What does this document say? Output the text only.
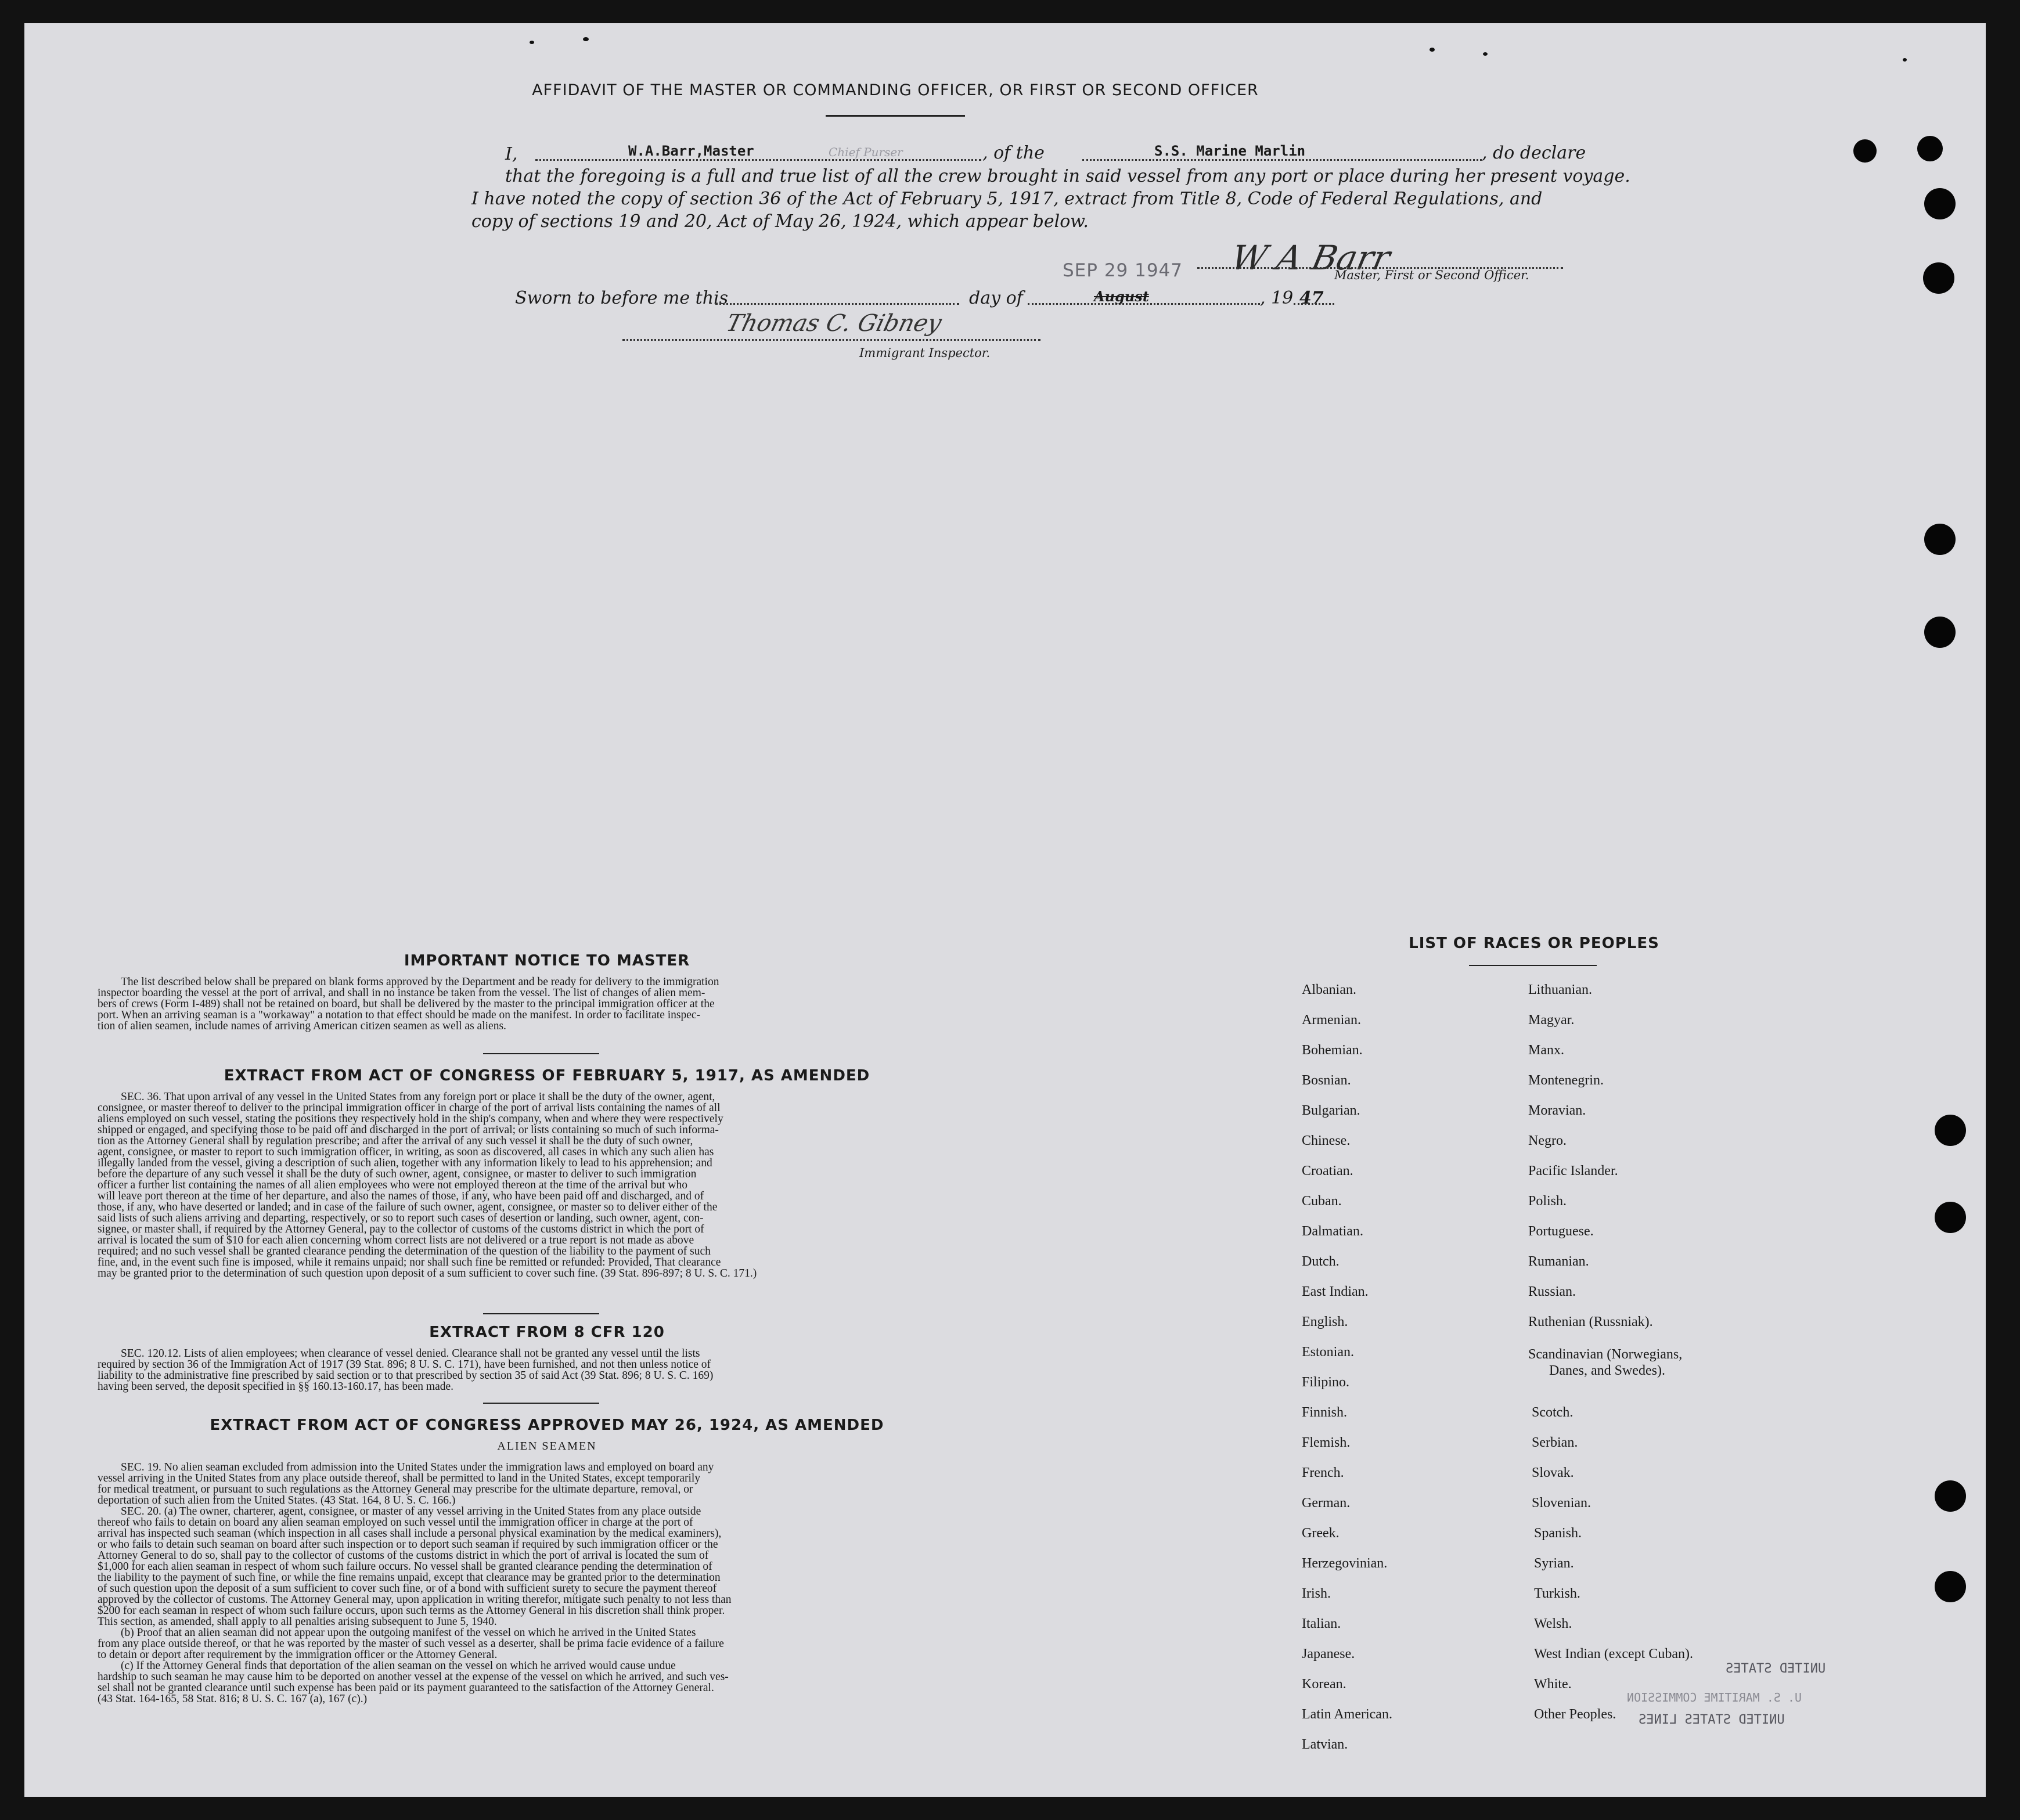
AFFIDAVIT OF THE MASTER OR COMMANDING OFFICER, OR FIRST OR SECOND OFFICER
I,	W.A.Barr,Master	Chief Purser	, of the	S.S. Marine Marlin	, do declare
that the foregoing is a full and true list of all the crew brought in said vessel from any port or place during her present voyage.
I have noted the copy of section 36 of the Act of February 5, 1917, extract from Title 8, Code of Federal Regulations, and
copy of sections 19 and 20, Act of May 26, 1924, which appear below.
SEP 29 1947 W A Barr
Master, First or Second Officer.
Sworn to before me this	day of	August	, 19 47
Thomas C. Gibney
Immigrant Inspector.
IMPORTANT NOTICE TO MASTER
The list described below shall be prepared on blank forms approved by the Department and be ready for delivery to the immigration
inspector boarding the vessel at the port of arrival, and shall in no instance be taken from the vessel. The list of changes of alien mem-
bers of crews (Form I-489) shall not be retained on board, but shall be delivered by the master to the principal immigration officer at the
port. When an arriving seaman is a "workaway" a notation to that effect should be made on the manifest. In order to facilitate inspec-
tion of alien seamen, include names of arriving American citizen seamen as well as aliens.
EXTRACT FROM ACT OF CONGRESS OF FEBRUARY 5, 1917, AS AMENDED
SEC. 36. That upon arrival of any vessel in the United States from any foreign port or place it shall be the duty of the owner, agent,
consignee, or master thereof to deliver to the principal immigration officer in charge of the port of arrival lists containing the names of all
aliens employed on such vessel, stating the positions they respectively hold in the ship's company, when and where they were respectively
shipped or engaged, and specifying those to be paid off and discharged in the port of arrival; or lists containing so much of such informa-
tion as the Attorney General shall by regulation prescribe; and after the arrival of any such vessel it shall be the duty of such owner,
agent, consignee, or master to report to such immigration officer, in writing, as soon as discovered, all cases in which any such alien has
illegally landed from the vessel, giving a description of such alien, together with any information likely to lead to his apprehension; and
before the departure of any such vessel it shall be the duty of such owner, agent, consignee, or master to deliver to such immigration
officer a further list containing the names of all alien employees who were not employed thereon at the time of the arrival but who
will leave port thereon at the time of her departure, and also the names of those, if any, who have been paid off and discharged, and of
those, if any, who have deserted or landed; and in case of the failure of such owner, agent, consignee, or master so to deliver either of the
said lists of such aliens arriving and departing, respectively, or so to report such cases of desertion or landing, such owner, agent, con-
signee, or master shall, if required by the Attorney General, pay to the collector of customs of the customs district in which the port of
arrival is located the sum of $10 for each alien concerning whom correct lists are not delivered or a true report is not made as above
required; and no such vessel shall be granted clearance pending the determination of the question of the liability to the payment of such
fine, and, in the event such fine is imposed, while it remains unpaid; nor shall such fine be remitted or refunded: Provided, That clearance
may be granted prior to the determination of such question upon deposit of a sum sufficient to cover such fine. (39 Stat. 896-897; 8 U. S. C. 171.)
EXTRACT FROM 8 CFR 120
SEC. 120.12. Lists of alien employees; when clearance of vessel denied. Clearance shall not be granted any vessel until the lists
required by section 36 of the Immigration Act of 1917 (39 Stat. 896; 8 U. S. C. 171), have been furnished, and not then unless notice of
liability to the administrative fine prescribed by said section or to that prescribed by section 35 of said Act (39 Stat. 896; 8 U. S. C. 169)
having been served, the deposit specified in §§ 160.13-160.17, has been made.
EXTRACT FROM ACT OF CONGRESS APPROVED MAY 26, 1924, AS AMENDED
ALIEN SEAMEN
SEC. 19. No alien seaman excluded from admission into the United States under the immigration laws and employed on board any
vessel arriving in the United States from any place outside thereof, shall be permitted to land in the United States, except temporarily
for medical treatment, or pursuant to such regulations as the Attorney General may prescribe for the ultimate departure, removal, or
deportation of such alien from the United States. (43 Stat. 164, 8 U. S. C. 166.)
SEC. 20. (a) The owner, charterer, agent, consignee, or master of any vessel arriving in the United States from any place outside
thereof who fails to detain on board any alien seaman employed on such vessel until the immigration officer in charge at the port of
arrival has inspected such seaman (which inspection in all cases shall include a personal physical examination by the medical examiners),
or who fails to detain such seaman on board after such inspection or to deport such seaman if required by such immigration officer or the
Attorney General to do so, shall pay to the collector of customs of the customs district in which the port of arrival is located the sum of
$1,000 for each alien seaman in respect of whom such failure occurs. No vessel shall be granted clearance pending the determination of
the liability to the payment of such fine, or while the fine remains unpaid, except that clearance may be granted prior to the determination
of such question upon the deposit of a sum sufficient to cover such fine, or of a bond with sufficient surety to secure the payment thereof
approved by the collector of customs. The Attorney General may, upon application in writing therefor, mitigate such penalty to not less than
$200 for each seaman in respect of whom such failure occurs, upon such terms as the Attorney General in his discretion shall think proper.
This section, as amended, shall apply to all penalties arising subsequent to June 5, 1940.
(b) Proof that an alien seaman did not appear upon the outgoing manifest of the vessel on which he arrived in the United States
from any place outside thereof, or that he was reported by the master of such vessel as a deserter, shall be prima facie evidence of a failure
to detain or deport after requirement by the immigration officer or the Attorney General.
(c) If the Attorney General finds that deportation of the alien seaman on the vessel on which he arrived would cause undue
hardship to such seaman he may cause him to be deported on another vessel at the expense of the vessel on which he arrived, and such ves-
sel shall not be granted clearance until such expense has been paid or its payment guaranteed to the satisfaction of the Attorney General.
(43 Stat. 164-165, 58 Stat. 816; 8 U. S. C. 167 (a), 167 (c).)
LIST OF RACES OR PEOPLES
Albanian.
Armenian.
Bohemian.
Bosnian.
Bulgarian.
Chinese.
Croatian.
Cuban.
Dalmatian.
Dutch.
East Indian.
English.
Estonian.
Filipino.
Finnish.
Flemish.
French.
German.
Greek.
Herzegovinian.
Irish.
Italian.
Japanese.
Korean.
Latin American.
Latvian.
Lithuanian.
Magyar.
Manx.
Montenegrin.
Moravian.
Negro.
Pacific Islander.
Polish.
Portuguese.
Rumanian.
Russian.
Ruthenian (Russniak).
Scandinavian (Norwegians,
Danes, and Swedes).
Scotch.
Serbian.
Slovak.
Slovenian.
Spanish.
Syrian.
Turkish.
Welsh.
West Indian (except Cuban).
White.
Other Peoples.
UNITED STATES
U. S. MARITIME COMMISSION
UNITED STATES LINES
